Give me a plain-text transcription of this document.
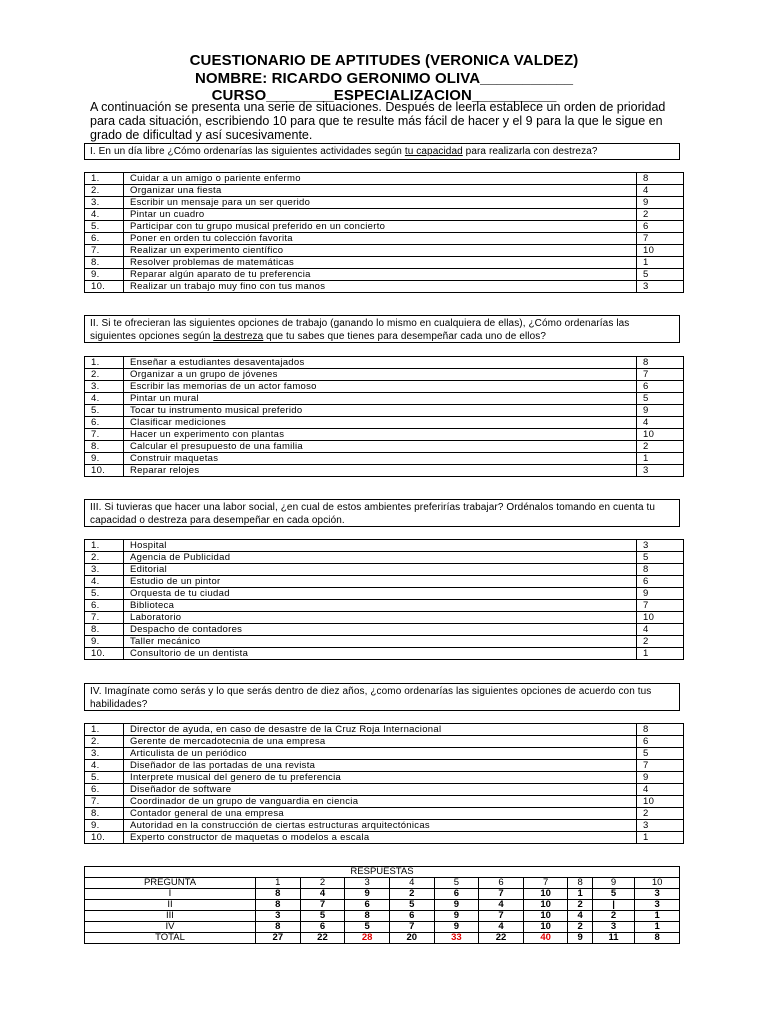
CUESTIONARIO DE APTITUDES (VERONICA VALDEZ)
NOMBRE: RICARDO GERONIMO OLIVA___________
CURSO________ESPECIALIZACION__________
A continuación se presenta una serie de situaciones. Después de leerla establece un orden de prioridad para cada situación, escribiendo 10 para que te resulte más fácil de hacer y el 9 para la que le sigue en grado de dificultad y así sucesivamente.
I. En un día libre ¿Cómo ordenarías las siguientes actividades según tu capacidad para realizarla con destreza?
1.	Cuidar a un amigo o pariente enfermo	8
2.	Organizar una fiesta	4
3.	Escribir un mensaje para un ser querido	9
4.	Pintar un cuadro	2
5.	Participar con tu grupo musical preferido en un concierto	6
6.	Poner en orden tu colección favorita	7
7.	Realizar un experimento científico	10
8.	Resolver problemas de matemáticas	1
9.	Reparar algún aparato de tu preferencia	5
10.	Realizar un trabajo muy fino con tus manos	3
II. Si te ofrecieran las siguientes opciones de trabajo (ganando lo mismo en cualquiera de ellas), ¿Cómo ordenarías las siguientes opciones según la destreza que tu sabes que tienes para desempeñar cada uno de ellos?
1.	Enseñar a estudiantes desaventajados	8
2.	Organizar a un grupo de jóvenes	7
3.	Escribir las memorias de un actor famoso	6
4.	Pintar un mural	5
5.	Tocar tu instrumento musical preferido	9
6.	Clasificar mediciones	4
7.	Hacer un experimento con plantas	10
8.	Calcular el presupuesto de una familia	2
9.	Construir maquetas	1
10.	Reparar relojes	3
III. Si tuvieras que hacer una labor social, ¿en cual de estos ambientes preferirías trabajar? Ordénalos tomando en cuenta tu capacidad o destreza para desempeñar en cada opción.
1.	Hospital	3
2.	Agencia de Publicidad	5
3.	Editorial	8
4.	Estudio de un pintor	6
5.	Orquesta de tu ciudad	9
6.	Biblioteca	7
7.	Laboratorio	10
8.	Despacho de contadores	4
9.	Taller mecánico	2
10.	Consultorio de un dentista	1
IV. Imagínate como serás y lo que serás dentro de diez años, ¿como ordenarías las siguientes opciones de acuerdo con tus habilidades?
1.	Director de ayuda, en caso de desastre de la Cruz Roja Internacional	8
2.	Gerente de mercadotecnia de una empresa	6
3.	Articulista de un periódico	5
4.	Diseñador de las portadas de una revista	7
5.	Interprete musical del genero de tu preferencia	9
6.	Diseñador de software	4
7.	Coordinador de un grupo de vanguardia en ciencia	10
8.	Contador general de una empresa	2
9.	Autoridad en la construcción de ciertas estructuras arquitectónicas	3
10.	Experto constructor de maquetas o modelos a escala	1
RESPUESTAS										
PREGUNTA	1	2	3	4	5	6	7	8	9	10
I	8	4	9	2	6	7	10	1	5	3
II	8	7	6	5	9	4	10	2	|	3
III	3	5	8	6	9	7	10	4	2	1
IV	8	6	5	7	9	4	10	2	3	1
TOTAL	27	22	28	20	33	22	40	9	11	8
